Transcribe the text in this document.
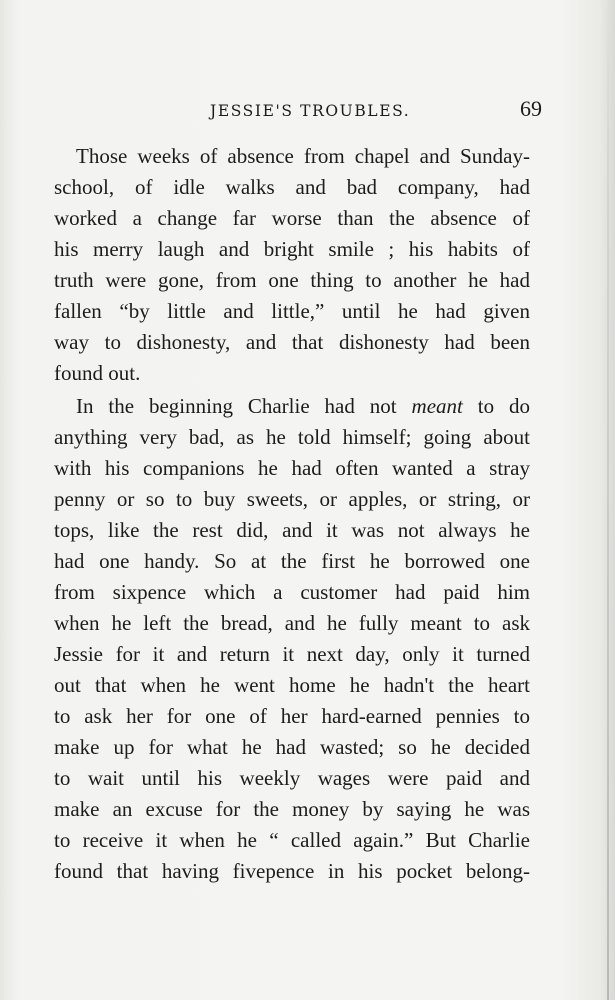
JESSIE'S TROUBLES.	69
Those weeks of absence from chapel and Sunday-
school, of idle walks and bad company, had
worked a change far worse than the absence of
his merry laugh and bright smile ; his habits of
truth were gone, from one thing to another he had
fallen “by little and little,” until he had given
way to dishonesty, and that dishonesty had been
found out.
In the beginning Charlie had not meant to do
anything very bad, as he told himself; going about
with his companions he had often wanted a stray
penny or so to buy sweets, or apples, or string, or
tops, like the rest did, and it was not always he
had one handy. So at the first he borrowed one
from sixpence which a customer had paid him
when he left the bread, and he fully meant to ask
Jessie for it and return it next day, only it turned
out that when he went home he hadn't the heart
to ask her for one of her hard-earned pennies to
make up for what he had wasted; so he decided
to wait until his weekly wages were paid and
make an excuse for the money by saying he was
to receive it when he “ called again.” But Charlie
found that having fivepence in his pocket belong-
